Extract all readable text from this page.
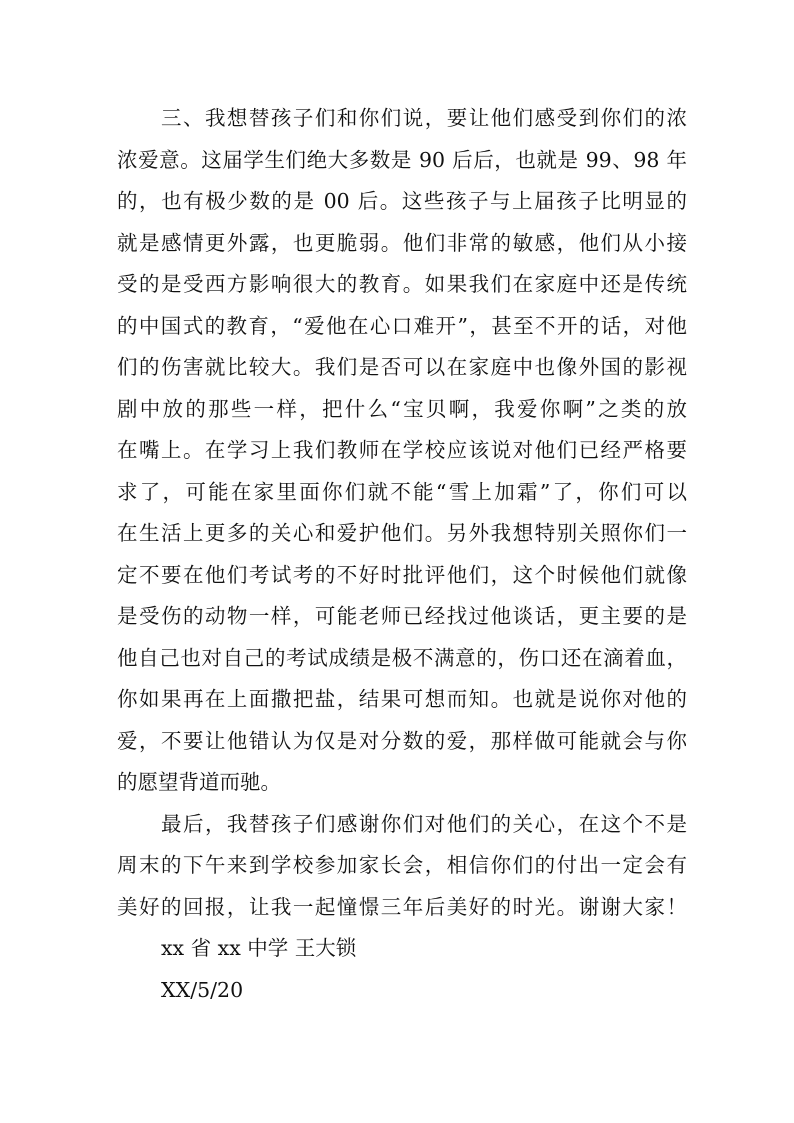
三、我想替孩子们和你们说，要让他们感受到你们的浓
浓爱意。这届学生们绝大多数是 90 后后，也就是 99、98 年
的，也有极少数的是 00 后。这些孩子与上届孩子比明显的
就是感情更外露，也更脆弱。他们非常的敏感，他们从小接
受的是受西方影响很大的教育。如果我们在家庭中还是传统
的中国式的教育，“爱他在心口难开”，甚至不开的话，对他
们的伤害就比较大。我们是否可以在家庭中也像外国的影视
剧中放的那些一样，把什么“宝贝啊，我爱你啊”之类的放
在嘴上。在学习上我们教师在学校应该说对他们已经严格要
求了，可能在家里面你们就不能“雪上加霜”了，你们可以
在生活上更多的关心和爱护他们。另外我想特别关照你们一
定不要在他们考试考的不好时批评他们，这个时候他们就像
是受伤的动物一样，可能老师已经找过他谈话，更主要的是
他自己也对自己的考试成绩是极不满意的，伤口还在滴着血，
你如果再在上面撒把盐，结果可想而知。也就是说你对他的
爱，不要让他错认为仅是对分数的爱，那样做可能就会与你
的愿望背道而驰。
最后，我替孩子们感谢你们对他们的关心，在这个不是
周末的下午来到学校参加家长会，相信你们的付出一定会有
美好的回报，让我一起憧憬三年后美好的时光。谢谢大家！
xx 省 xx 中学 王大锁
XX/5/20
